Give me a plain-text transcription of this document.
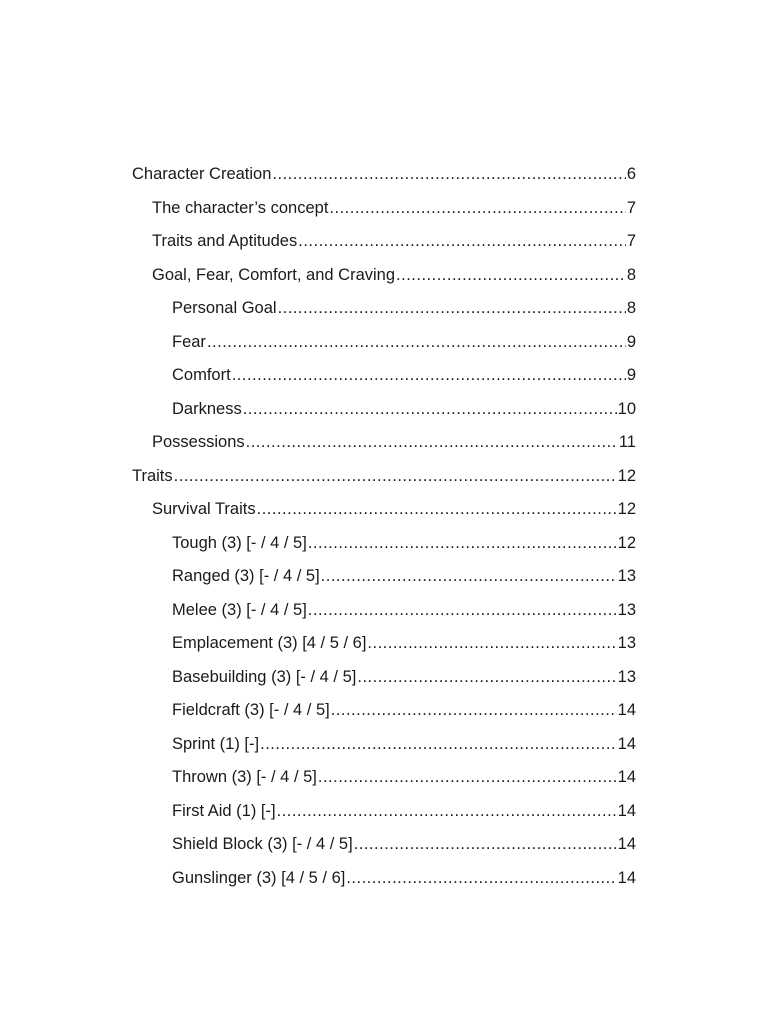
Character Creation .....	6
The character’s concept .....	7
Traits and Aptitudes .....	7
Goal, Fear, Comfort, and Craving .....	8
Personal Goal .....	8
Fear .....	9
Comfort .....	9
Darkness .....	10
Possessions .....	11
Traits .....	12
Survival Traits .....	12
Tough (3) [- / 4 / 5] .....	12
Ranged (3) [- / 4 / 5] .....	13
Melee (3) [- / 4 / 5] .....	13
Emplacement (3) [4 / 5 / 6] .....	13
Basebuilding (3) [- / 4 / 5] .....	13
Fieldcraft (3) [- / 4 / 5] .....	14
Sprint (1) [-] .....	14
Thrown (3) [- / 4 / 5] .....	14
First Aid (1) [-] .....	14
Shield Block (3) [- / 4 / 5] .....	14
Gunslinger (3) [4 / 5 / 6] .....	14
